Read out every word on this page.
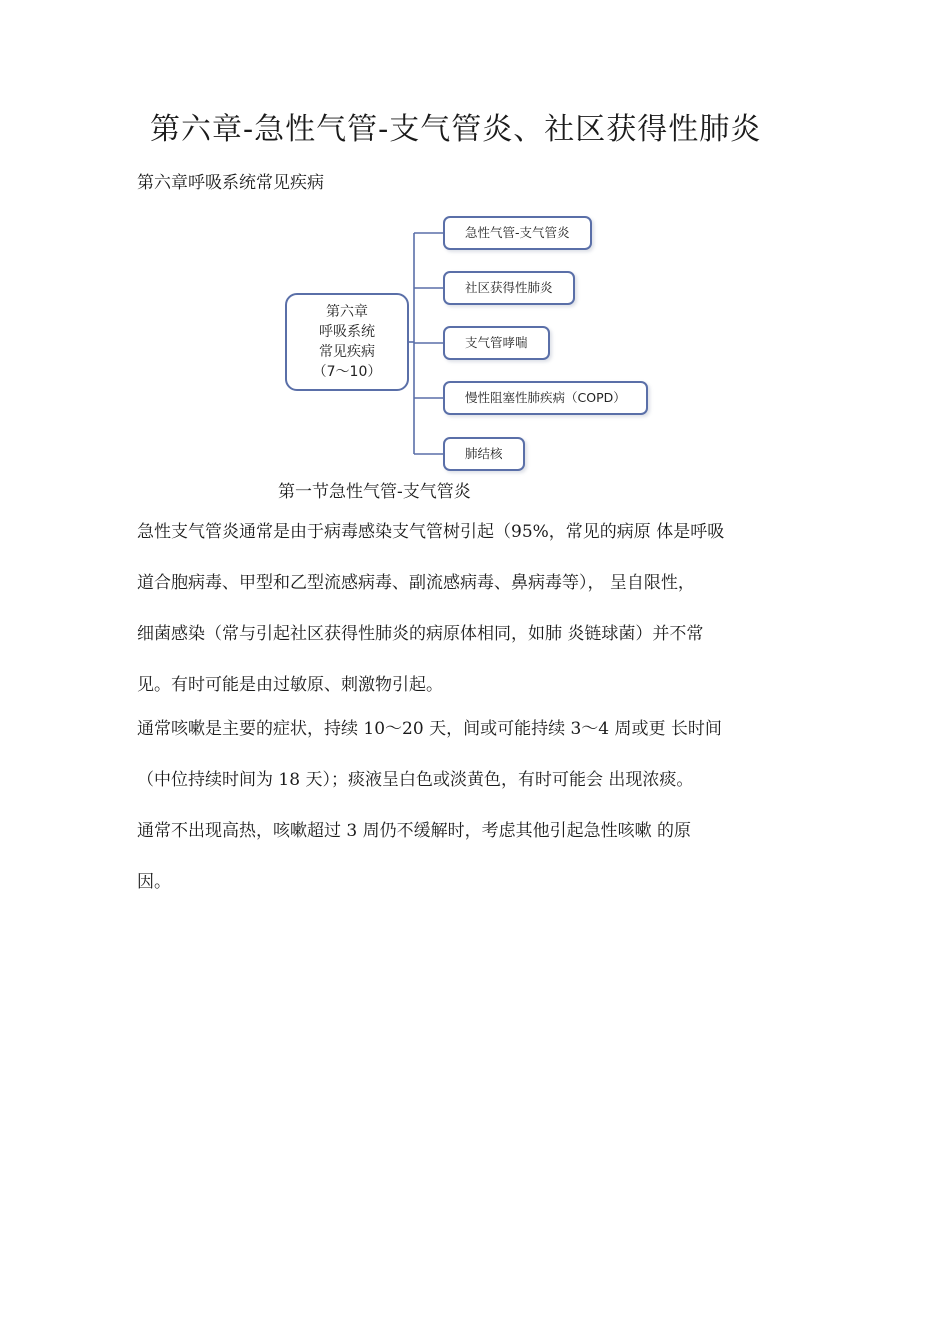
第六章-急性气管-支气管炎、社区获得性肺炎
第六章呼吸系统常见疾病
第六章
呼吸系统
常见疾病
（7～10）
急性气管-支气管炎
社区获得性肺炎
支气管哮喘
慢性阻塞性肺疾病（COPD）
肺结核
第一节急性气管-支气管炎

急性支气管炎通常是由于病毒感染支气管树引起（95%，常见的病原 体是呼吸
道合胞病毒、甲型和乙型流感病毒、副流感病毒、鼻病毒等）， 呈自限性，
细菌感染（常与引起社区获得性肺炎的病原体相同，如肺 炎链球菌）并不常
见。有时可能是由过敏原、刺激物引起。

通常咳嗽是主要的症状，持续 10〜20 天，间或可能持续 3〜4 周或更 长时间
（中位持续时间为 18 天）；痰液呈白色或淡黄色，有时可能会 出现浓痰。

通常不出现高热，咳嗽超过 3 周仍不缓解时，考虑其他引起急性咳嗽 的原
因。
